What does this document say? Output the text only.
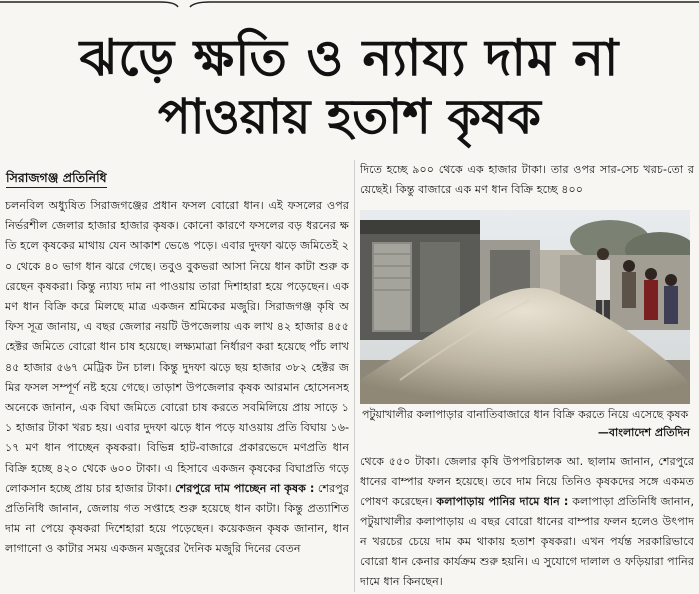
ঝড়ে ক্ষতি ও ন্যায্য দাম না
পাওয়ায় হতাশ কৃষক
সিরাজগঞ্জ প্রতিনিধি
চলনবিল অধ্যুষিত সিরাজগঞ্জের প্রধান ফসল বোরো ধান। এই ফসলের ওপর নির্ভরশীল জেলার হাজার হাজার কৃষক। কোনো কারণে ফসলের বড় ধরনের ক্ষতি হলে কৃষকের মাথায় যেন আকাশ ভেঙে পড়ে। এবার দুদফা ঝড়ে জমিতেই ২০ থেকে ৪০ ভাগ ধান ঝরে গেছে। তবুও বুকভরা আসা নিয়ে ধান কাটা শুরু করেছেন কৃষকরা। কিন্তু ন্যায্য দাম না পাওয়ায় তারা দিশাহারা হয়ে পড়েছেন। এক মণ ধান বিক্রি করে মিলছে মাত্র একজন শ্রমিকের মজুরি। সিরাজগঞ্জ কৃষি অফিস সূত্র জানায়, এ বছর জেলার নয়টি উপজেলায় এক লাখ ৪২ হাজার ৪৫৫ হেক্টর জমিতে বোরো ধান চাষ হয়েছে। লক্ষ্যমাত্রা নির্ধারণ করা হয়েছে পাঁচ লাখ ৪৫ হাজার ৫৬৭ মেট্রিক টন চাল। কিন্তু দুদফা ঝড়ে ছয় হাজার ৩৮২ হেক্টর জমির ফসল সম্পূর্ণ নষ্ট হয়ে গেছে। তাড়াশ উপজেলার কৃষক আরমান হোসেনসহ অনেকে জানান, এক বিঘা জমিতে বোরো চাষ করতে সবমিলিয়ে প্রায় সাড়ে ১১ হাজার টাকা খরচ হয়। এবার দুদফা ঝড়ে ধান পড়ে যাওয়ায় প্রতি বিঘায় ১৬-১৭ মণ ধান পাচ্ছেন কৃষকরা। বিভিন্ন হাট-বাজারে প্রকারভেদে মণপ্রতি ধান বিক্রি হচ্ছে ৪২০ থেকে ৬০০ টাকা। এ হিসাবে একজন কৃষকের বিঘাপ্রতি গড়ে লোকসান হচ্ছে প্রায় চার হাজার টাকা। শেরপুরে দাম পাচ্ছেন না কৃষক : শেরপুর প্রতিনিধি জানান, জেলায় গত সপ্তাহে শুরু হয়েছে ধান কাটা। কিন্তু প্রত্যাশিত দাম না পেয়ে কৃষকরা দিশেহারা হয়ে পড়েছেন। কয়েকজন কৃষক জানান, ধান লাগানো ও কাটার সময় একজন মজুরের দৈনিক মজুরি দিনের বেতন
দিতে হচ্ছে ৯০০ থেকে এক হাজার টাকা। তার ওপর সার-সেচ খরচ-তো রয়েছেই। কিন্তু বাজারে এক মণ ধান বিক্রি হচ্ছে ৪০০
পটুয়াখালীর কলাপাড়ার বানাতিবাজারে ধান বিক্রি করতে নিয়ে এসেছে কৃষক
—বাংলাদেশ প্রতিদিন
থেকে ৫৫০ টাকা। জেলার কৃষি উপপরিচালক আ. ছালাম জানান, শেরপুরে ধানের বাম্পার ফলন হয়েছে। তবে দাম নিয়ে তিনিও কৃষকদের সঙ্গে একমত পোষণ করেছেন। কলাপাড়ায় পানির দামে ধান : কলাপাড়া প্রতিনিধি জানান, পটুয়াখালীর কলাপাড়ায় এ বছর বোরো ধানের বাম্পার ফলন হলেও উৎপাদন খরচের চেয়ে দাম কম থাকায় হতাশ কৃষকরা। এখন পর্যন্ত সরকারিভাবে বোরো ধান কেনার কার্যক্রম শুরু হয়নি। এ সুযোগে দালাল ও ফড়িয়ারা পানির দামে ধান কিনছেন।
